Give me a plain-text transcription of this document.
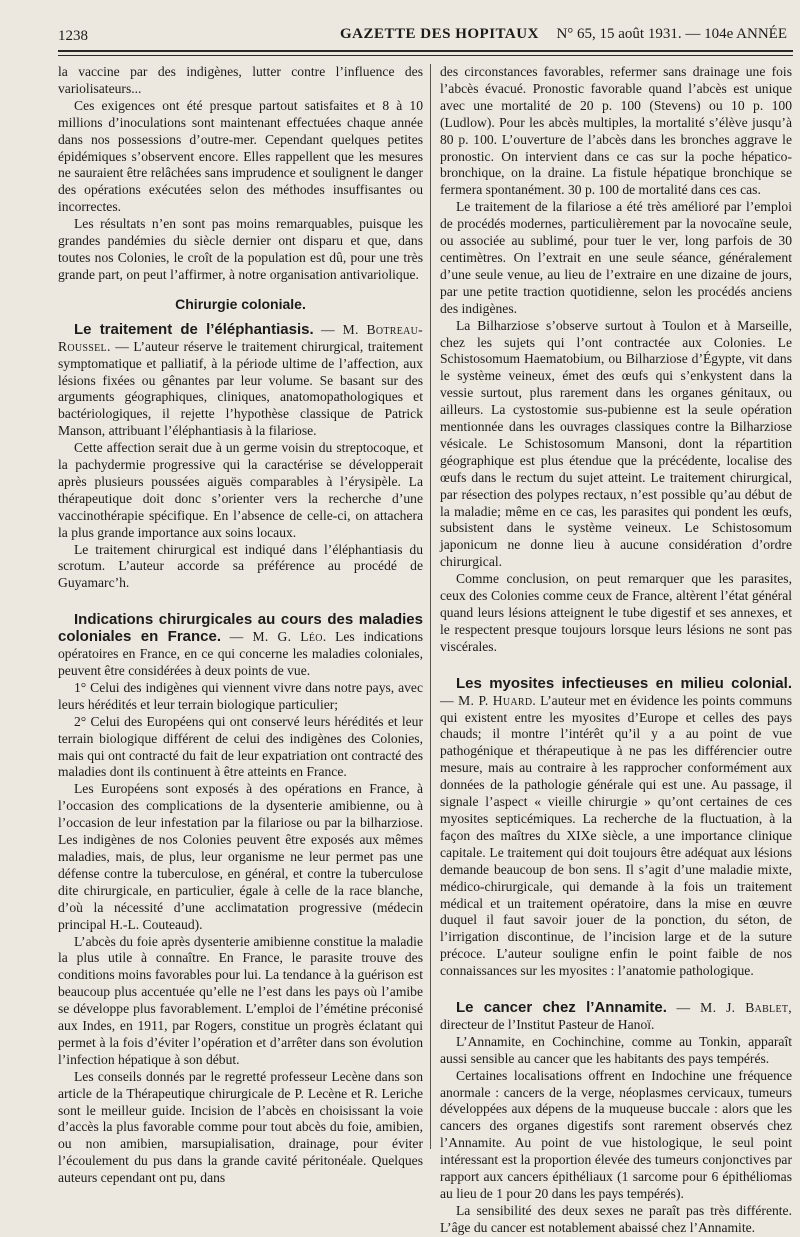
1238	GAZETTE DES HOPITAUX N° 65, 15 août 1931. — 104e ANNÉE

la vaccine par des indigènes, lutter contre l’influence des variolisateurs...

Ces exigences ont été presque partout satisfaites et 8 à 10 millions d’inoculations sont maintenant effectuées chaque année dans nos possessions d’outre-mer. Cependant quelques petites épidémiques s’observent encore. Elles rappellent que les mesures ne sauraient être relâchées sans imprudence et soulignent le danger des opérations exécutées selon des méthodes insuffisantes ou incorrectes.

Les résultats n’en sont pas moins remarquables, puisque les grandes pandémies du siècle dernier ont disparu et que, dans toutes nos Colonies, le croît de la population est dû, pour une très grande part, on peut l’affirmer, à notre organisation antivariolique.

Chirurgie coloniale.

Le traitement de l’éléphantiasis. — M. Botreau-Roussel. — L’auteur réserve le traitement chirurgical, traitement symptomatique et palliatif, à la période ultime de l’affection, aux lésions fixées ou gênantes par leur volume. Se basant sur des arguments géographiques, cliniques, anatomopathologiques et bactériologiques, il rejette l’hypothèse classique de Patrick Manson, attribuant l’éléphantiasis à la filariose.

Cette affection serait due à un germe voisin du streptocoque, et la pachydermie progressive qui la caractérise se développerait après plusieurs poussées aiguës comparables à l’érysipèle. La thérapeutique doit donc s’orienter vers la recherche d’une vaccinothérapie spécifique. En l’absence de celle-ci, on attachera la plus grande importance aux soins locaux.

Le traitement chirurgical est indiqué dans l’éléphantiasis du scrotum. L’auteur accorde sa préférence au procédé de Guyamarc’h.

Indications chirurgicales au cours des maladies coloniales en France. — M. G. Léo. Les indications opératoires en France, en ce qui concerne les maladies coloniales, peuvent être considérées à deux points de vue.

1° Celui des indigènes qui viennent vivre dans notre pays, avec leurs hérédités et leur terrain biologique particulier;

2° Celui des Européens qui ont conservé leurs hérédités et leur terrain biologique différent de celui des indigènes des Colonies, mais qui ont contracté du fait de leur expatriation ont contracté des maladies dont ils continuent à être atteints en France.

Les Européens sont exposés à des opérations en France, à l’occasion des complications de la dysenterie amibienne, ou à l’occasion de leur infestation par la filariose ou par la bilharziose. Les indigènes de nos Colonies peuvent être exposés aux mêmes maladies, mais, de plus, leur organisme ne leur permet pas une défense contre la tuberculose, en général, et contre la tuberculose dite chirurgicale, en particulier, égale à celle de la race blanche, d’où la nécessité d’une acclimatation progressive (médecin principal H.-L. Couteaud).

L’abcès du foie après dysenterie amibienne constitue la maladie la plus utile à connaître. En France, le parasite trouve des conditions moins favorables pour lui. La tendance à la guérison est beaucoup plus accentuée qu’elle ne l’est dans les pays où l’amibe se développe plus favorablement. L’emploi de l’émétine préconisé aux Indes, en 1911, par Rogers, constitue un progrès éclatant qui permet à la fois d’éviter l’opération et d’arrêter dans son évolution l’infection hépatique à son début.

Les conseils donnés par le regretté professeur Lecène dans son article de la Thérapeutique chirurgicale de P. Lecène et R. Leriche sont le meilleur guide. Incision de l’abcès en choisissant la voie d’accès la plus favorable comme pour tout abcès du foie, amibien, ou non amibien, marsupialisation, drainage, pour éviter l’écoulement du pus dans la grande cavité péritonéale. Quelques auteurs cependant ont pu, dans

des circonstances favorables, refermer sans drainage une fois l’abcès évacué. Pronostic favorable quand l’abcès est unique avec une mortalité de 20 p. 100 (Stevens) ou 10 p. 100 (Ludlow). Pour les abcès multiples, la mortalité s’élève jusqu’à 80 p. 100. L’ouverture de l’abcès dans les bronches aggrave le pronostic. On intervient dans ce cas sur la poche hépatico-bronchique, on la draine. La fistule hépatique bronchique se fermera spontanément. 30 p. 100 de mortalité dans ces cas.

Le traitement de la filariose a été très amélioré par l’emploi de procédés modernes, particulièrement par la novocaïne seule, ou associée au sublimé, pour tuer le ver, long parfois de 30 centimètres. On l’extrait en une seule séance, généralement d’une seule venue, au lieu de l’extraire en une dizaine de jours, par une petite traction quotidienne, selon les procédés anciens des indigènes.

La Bilharziose s’observe surtout à Toulon et à Marseille, chez les sujets qui l’ont contractée aux Colonies. Le Schistosomum Haematobium, ou Bilharziose d’Égypte, vit dans le système veineux, émet des œufs qui s’enkystent dans la vessie surtout, plus rarement dans les organes génitaux, ou ailleurs. La cystostomie sus-pubienne est la seule opération mentionnée dans les ouvrages classiques contre la Bilharziose vésicale. Le Schistosomum Mansoni, dont la répartition géographique est plus étendue que la précédente, localise des œufs dans le rectum du sujet atteint. Le traitement chirurgical, par résection des polypes rectaux, n’est possible qu’au début de la maladie; même en ce cas, les parasites qui pondent les œufs, subsistent dans le système veineux. Le Schistosomum japonicum ne donne lieu à aucune considération d’ordre chirurgical.

Comme conclusion, on peut remarquer que les parasites, ceux des Colonies comme ceux de France, altèrent l’état général quand leurs lésions atteignent le tube digestif et ses annexes, et le respectent presque toujours lorsque leurs lésions ne sont pas viscérales.

Les myosites infectieuses en milieu colonial. — M. P. Huard. L’auteur met en évidence les points communs qui existent entre les myosites d’Europe et celles des pays chauds; il montre l’intérêt qu’il y a au point de vue pathogénique et thérapeutique à ne pas les différencier outre mesure, mais au contraire à les rapprocher conformément aux données de la pathologie générale qui est une. Au passage, il signale l’aspect « vieille chirurgie » qu’ont certaines de ces myosites septicémiques. La recherche de la fluctuation, à la façon des maîtres du XIXe siècle, a une importance clinique capitale. Le traitement qui doit toujours être adéquat aux lésions demande beaucoup de bon sens. Il s’agit d’une maladie mixte, médico-chirurgicale, qui demande à la fois un traitement médical et un traitement opératoire, dans la mise en œuvre duquel il faut savoir jouer de la ponction, du séton, de l’irrigation discontinue, de l’incision large et de la suture précoce. L’auteur souligne enfin le point faible de nos connaissances sur les myosites : l’anatomie pathologique.

Le cancer chez l’Annamite. — M. J. Bablet, directeur de l’Institut Pasteur de Hanoï.

L’Annamite, en Cochinchine, comme au Tonkin, apparaît aussi sensible au cancer que les habitants des pays tempérés.

Certaines localisations offrent en Indochine une fréquence anormale : cancers de la verge, néoplasmes cervicaux, tumeurs développées aux dépens de la muqueuse buccale : alors que les cancers des organes digestifs sont rarement observés chez l’Annamite. Au point de vue histologique, le seul point intéressant est la proportion élevée des tumeurs conjonctives par rapport aux cancers épithéliaux (1 sarcome pour 6 épithéliomas au lieu de 1 pour 20 dans les pays tempérés).

La sensibilité des deux sexes ne paraît pas très différente. L’âge du cancer est notablement abaissé chez l’Annamite.
